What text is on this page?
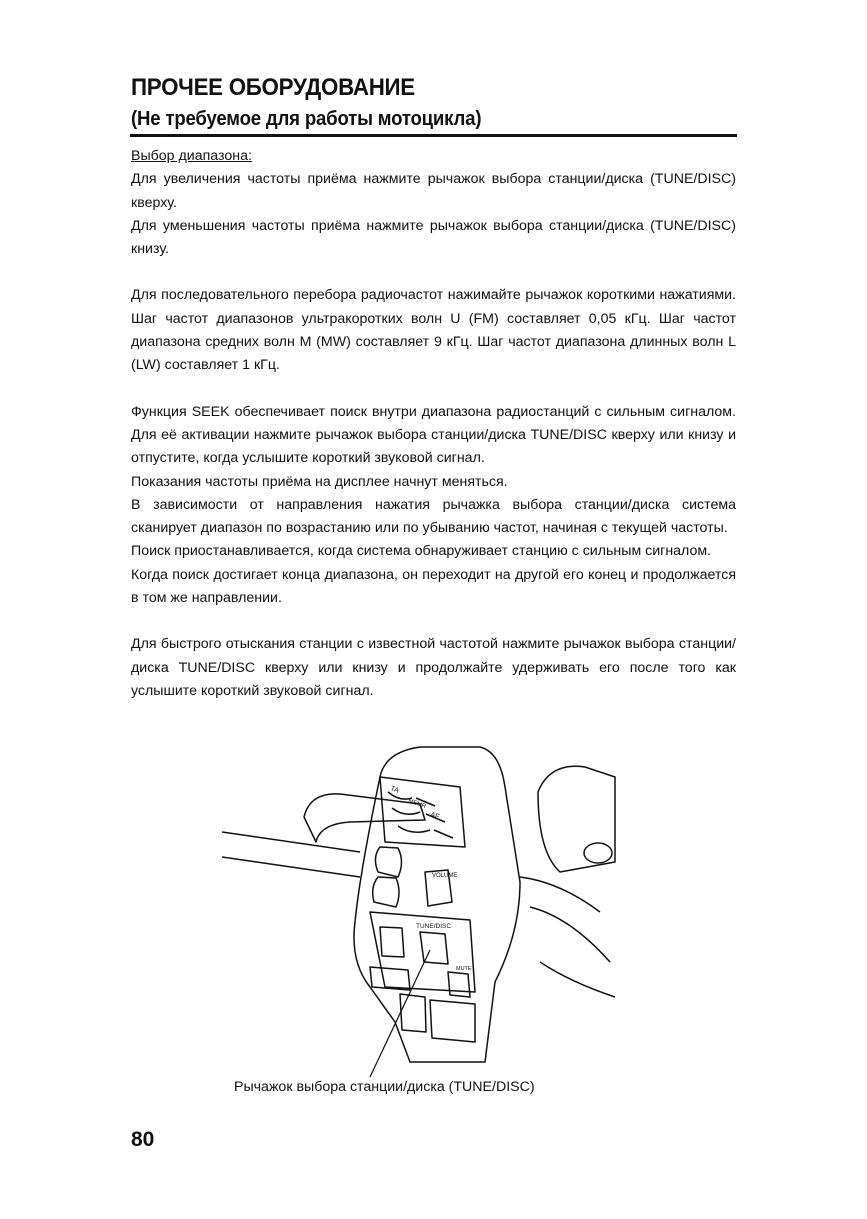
ПРОЧЕЕ ОБОРУДОВАНИЕ
(Не требуемое для работы мотоцикла)

Выбор диапазона:

Для увеличения частоты приёма нажмите рычажок выбора станции/диска (TUNE/DISC) кверху.

Для уменьшения частоты приёма нажмите рычажок выбора станции/диска (TUNE/DISC) книзу.

Для последовательного перебора радиочастот нажимайте рычажок короткими нажатиями. Шаг частот диапазонов ультракоротких волн U (FM) составляет 0,05 кГц. Шаг частот диапазона средних волн M (MW) составляет 9 кГц. Шаг частот диапазона длинных волн L (LW) составляет 1 кГц.

Функция SEEK обеспечивает поиск внутри диапазона радиостанций с сильным сигналом. Для её активации нажмите рычажок выбора станции/диска TUNE/DISC кверху или книзу и отпустите, когда услышите короткий звуковой сигнал.

Показания частоты приёма на дисплее начнут меняться.

В зависимости от направления нажатия рычажка выбора станции/диска система сканирует диапазон по возрастанию или по убыванию частот, начиная с текущей частоты.

Поиск приостанавливается, когда система обнаруживает станцию с сильным сигналом.

Когда поиск достигает конца диапазона, он переходит на другой его конец и продолжается в том же направлении.

Для быстрого отыскания станции с известной частотой нажмите рычажок выбора станции/диска TUNE/DISC кверху или книзу и продолжайте удерживать его после того как услышите короткий звуковой сигнал.

TA
MEMR
AF
VOLUME
TUNE/DISC
MUTE
Рычажок выбора станции/диска (TUNE/DISC)
80
